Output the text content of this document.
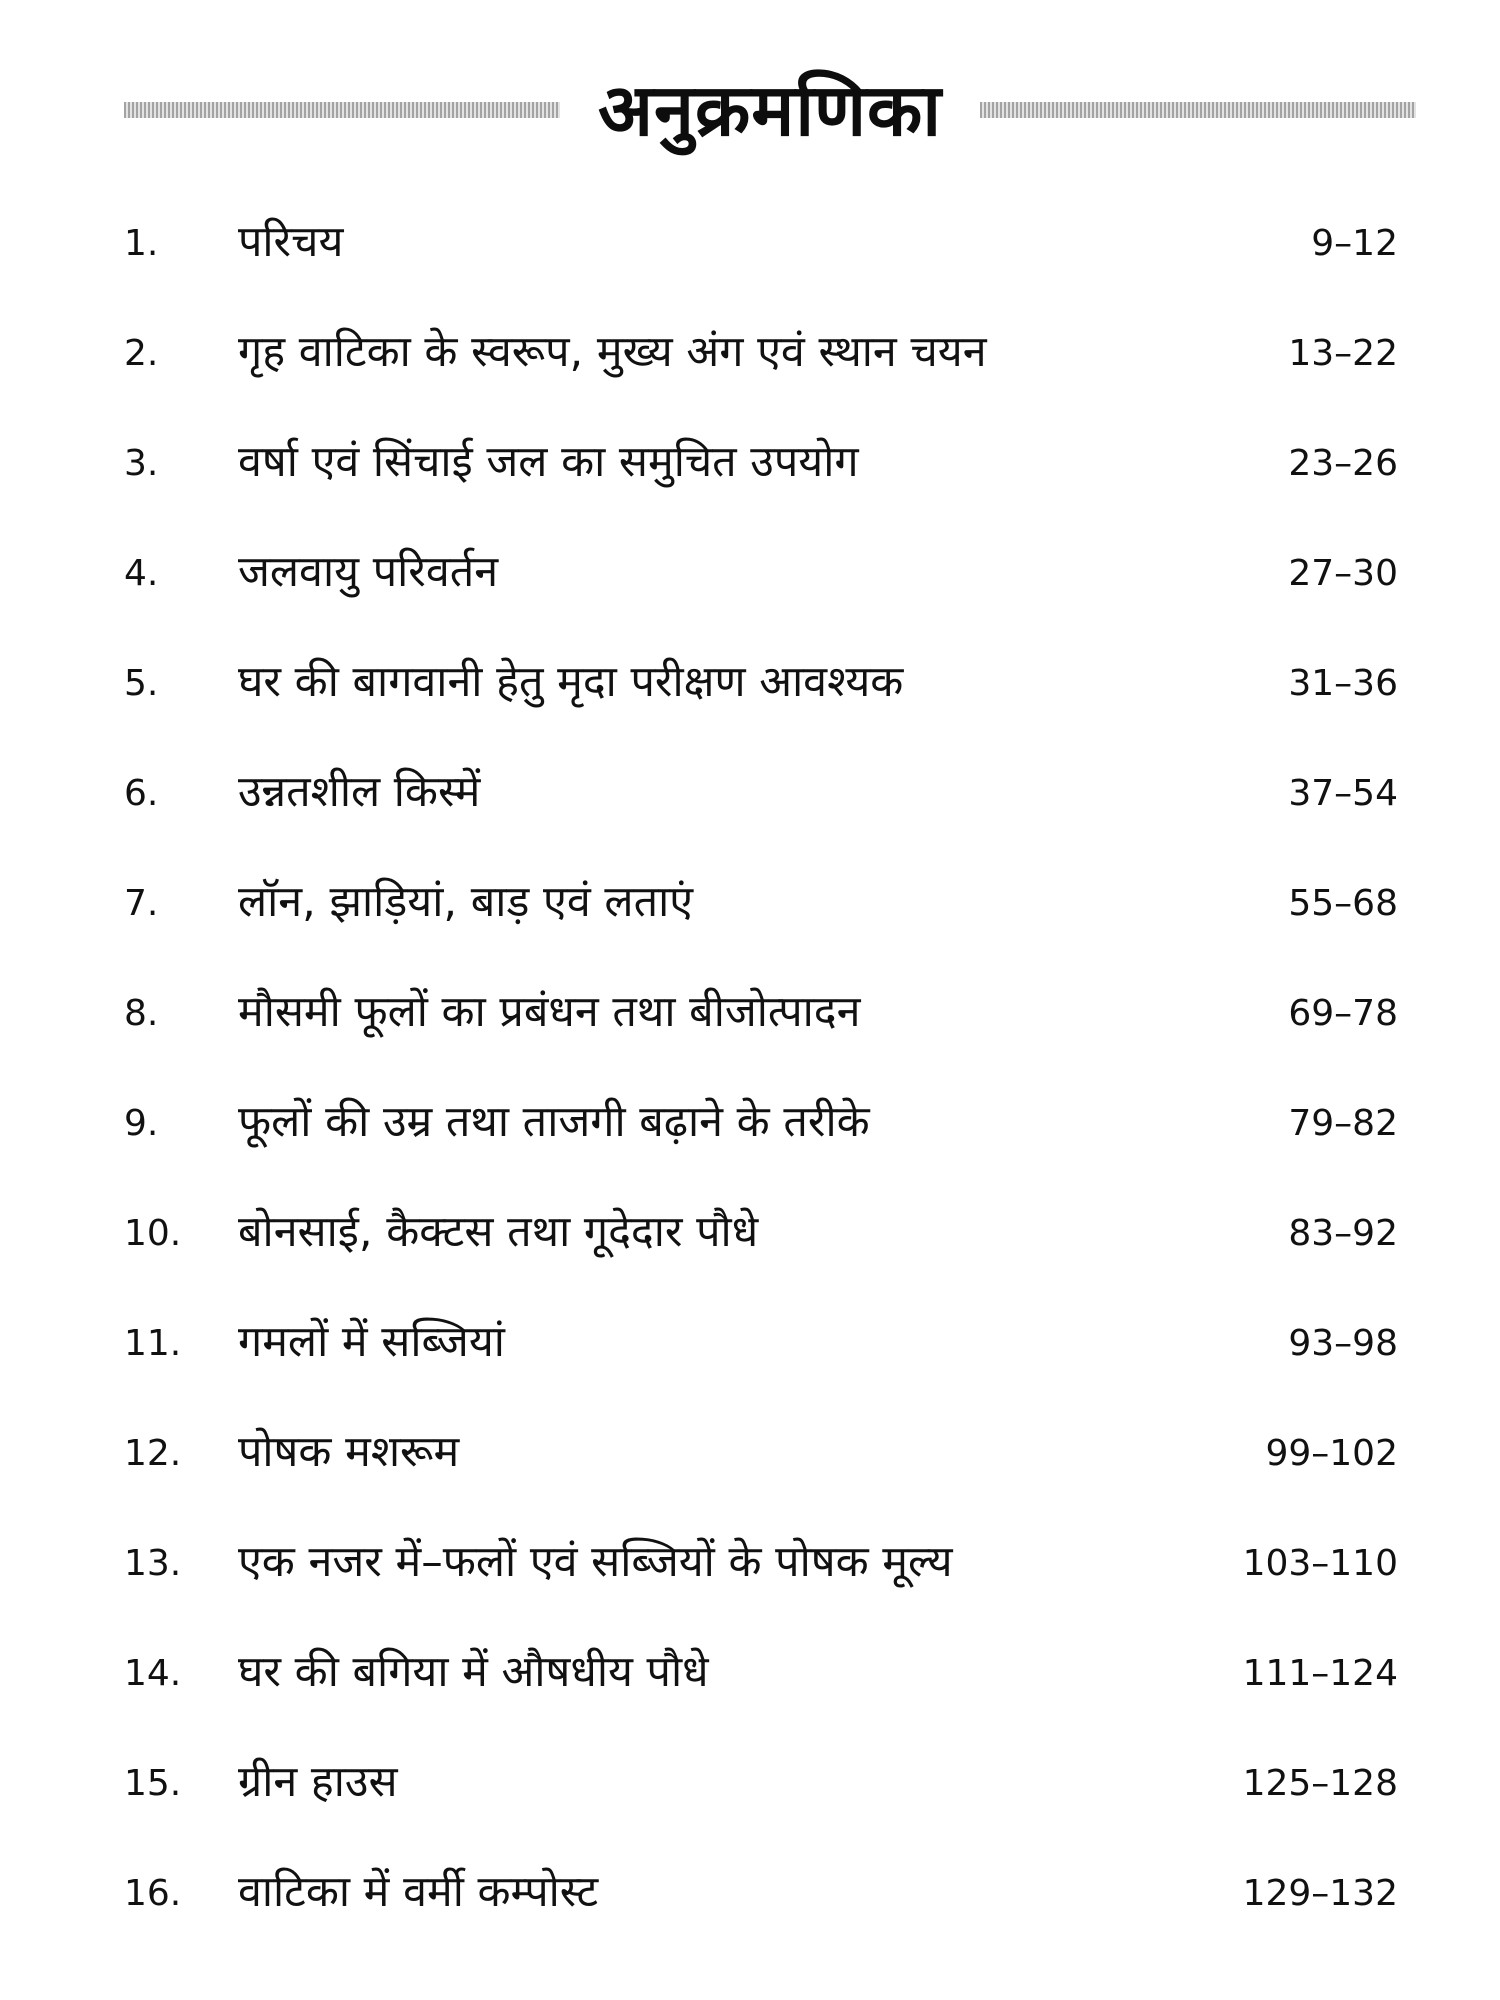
अनुक्रमणिका
1.	परिचय	9–12
2.	गृह वाटिका के स्वरूप, मुख्य अंग एवं स्थान चयन	13–22
3.	वर्षा एवं सिंचाई जल का समुचित उपयोग	23–26
4.	जलवायु परिवर्तन	27–30
5.	घर की बागवानी हेतु मृदा परीक्षण आवश्यक	31–36
6.	उन्नतशील किस्में	37–54
7.	लॉन, झाड़ियां, बाड़ एवं लताएं	55–68
8.	मौसमी फूलों का प्रबंधन तथा बीजोत्पादन	69–78
9.	फूलों की उम्र तथा ताजगी बढ़ाने के तरीके	79–82
10.	बोनसाई, कैक्टस तथा गूदेदार पौधे	83–92
11.	गमलों में सब्जियां	93–98
12.	पोषक मशरूम	99–102
13.	एक नजर में–फलों एवं सब्जियों के पोषक मूल्य	103–110
14.	घर की बगिया में औषधीय पौधे	111–124
15.	ग्रीन हाउस	125–128
16.	वाटिका में वर्मी कम्पोस्ट	129–132
